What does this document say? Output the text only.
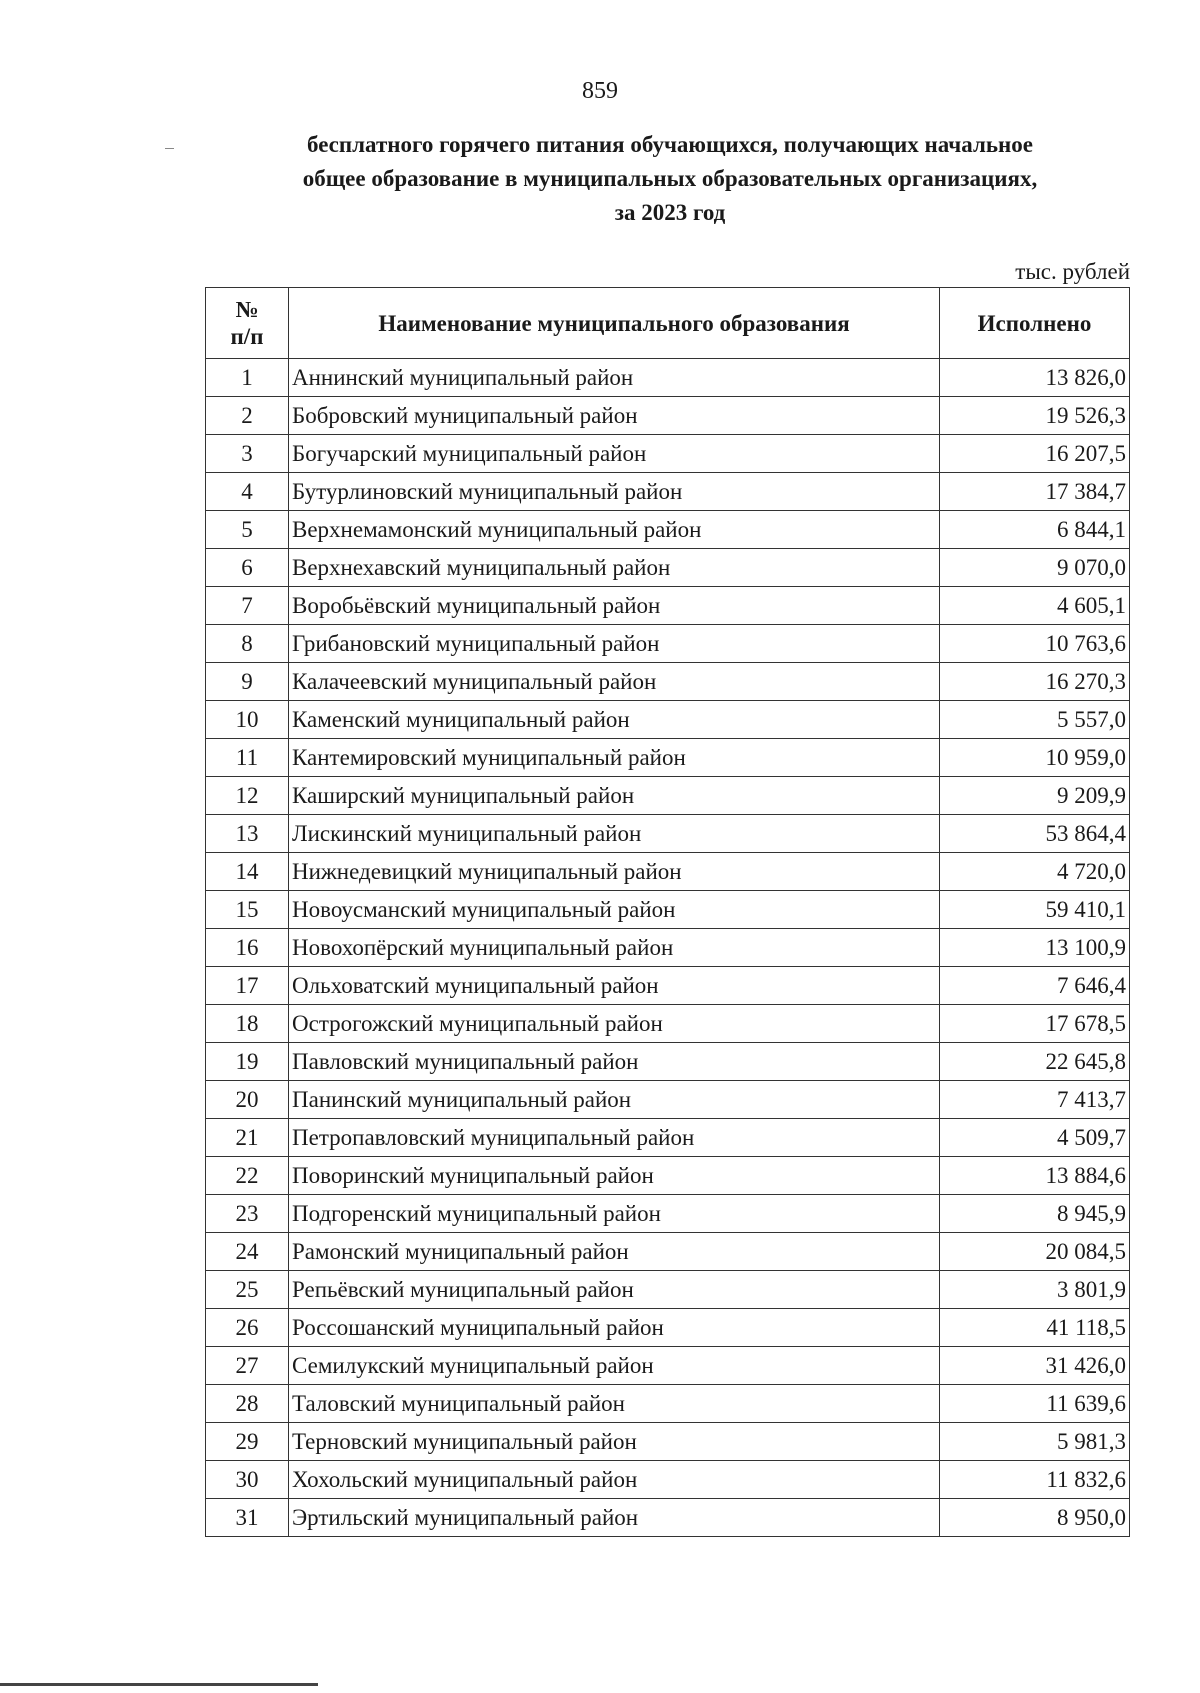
859
бесплатного горячего питания обучающихся, получающих начальное
общее образование в муниципальных образовательных организациях,
за 2023 год
тыс. рублей
№
п/п	Наименование муниципального образования	Исполнено
1	Аннинский муниципальный район	13 826,0
2	Бобровский муниципальный район	19 526,3
3	Богучарский муниципальный район	16 207,5
4	Бутурлиновский муниципальный район	17 384,7
5	Верхнемамонский муниципальный район	6 844,1
6	Верхнехавский муниципальный район	9 070,0
7	Воробьёвский муниципальный район	4 605,1
8	Грибановский муниципальный район	10 763,6
9	Калачеевский муниципальный район	16 270,3
10	Каменский муниципальный район	5 557,0
11	Кантемировский муниципальный район	10 959,0
12	Каширский муниципальный район	9 209,9
13	Лискинский муниципальный район	53 864,4
14	Нижнедевицкий муниципальный район	4 720,0
15	Новоусманский муниципальный район	59 410,1
16	Новохопёрский муниципальный район	13 100,9
17	Ольховатский муниципальный район	7 646,4
18	Острогожский муниципальный район	17 678,5
19	Павловский муниципальный район	22 645,8
20	Панинский муниципальный район	7 413,7
21	Петропавловский муниципальный район	4 509,7
22	Поворинский муниципальный район	13 884,6
23	Подгоренский муниципальный район	8 945,9
24	Рамонский муниципальный район	20 084,5
25	Репьёвский муниципальный район	3 801,9
26	Россошанский муниципальный район	41 118,5
27	Семилукский муниципальный район	31 426,0
28	Таловский муниципальный район	11 639,6
29	Терновский муниципальный район	5 981,3
30	Хохольский муниципальный район	11 832,6
31	Эртильский муниципальный район	8 950,0
